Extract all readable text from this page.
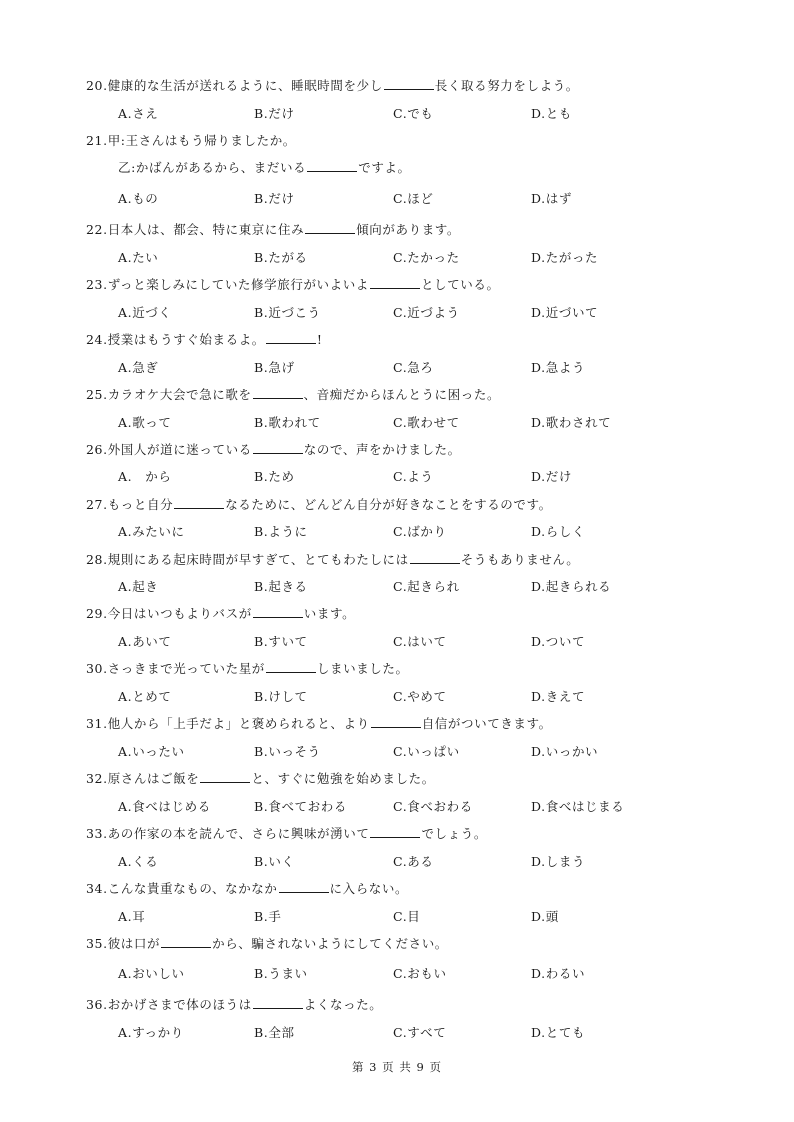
20.健康的な生活が送れるように、睡眠時間を少し	長く取る努力をしよう。
A.さえ	B.だけ	C.でも	D.とも
21.甲:王さんはもう帰りましたか。
乙:かばんがあるから、まだいる	ですよ。
A.もの	B.だけ	C.ほど	D.はず
22.日本人は、都会、特に東京に住み	傾向があります。
A.たい	B.たがる	C.たかった	D.たがった
23.ずっと楽しみにしていた修学旅行がいよいよ	としている。
A.近づく	B.近づこう	C.近づよう	D.近づいて
24.授業はもうすぐ始まるよ。	!
A.急ぎ	B.急げ	C.急ろ	D.急よう
25.カラオケ大会で急に歌を	、音痴だからほんとうに困った。
A.歌って	B.歌われて	C.歌わせて	D.歌わされて
26.外国人が道に迷っている	なので、声をかけました。
A.　から	B.ため	C.よう	D.だけ
27.もっと自分	なるために、どんどん自分が好きなことをするのです。
A.みたいに	B.ように	C.ばかり	D.らしく
28.規則にある起床時間が早すぎて、とてもわたしには	そうもありません。
A.起き	B.起きる	C.起きられ	D.起きられる
29.今日はいつもよりバスが	います。
A.あいて	B.すいて	C.はいて	D.ついて
30.さっきまで光っていた星が	しまいました。
A.とめて	B.けして	C.やめて	D.きえて
31.他人から「上手だよ」と褒められると、より	自信がついてきます。
A.いったい	B.いっそう	C.いっぱい	D.いっかい
32.原さんはご飯を	と、すぐに勉強を始めました。
A.食べはじめる	B.食べておわる	C.食べおわる	D.食べはじまる
33.あの作家の本を読んで、さらに興味が湧いて	でしょう。
A.くる	B.いく	C.ある	D.しまう
34.こんな貴重なもの、なかなか	に入らない。
A.耳	B.手	C.目	D.頭
35.彼は口が	から、騙されないようにしてください。
A.おいしい	B.うまい	C.おもい	D.わるい
36.おかげさまで体のほうは	よくなった。
A.すっかり	B.全部	C.すべて	D.とても
第 3 页 共 9 页
